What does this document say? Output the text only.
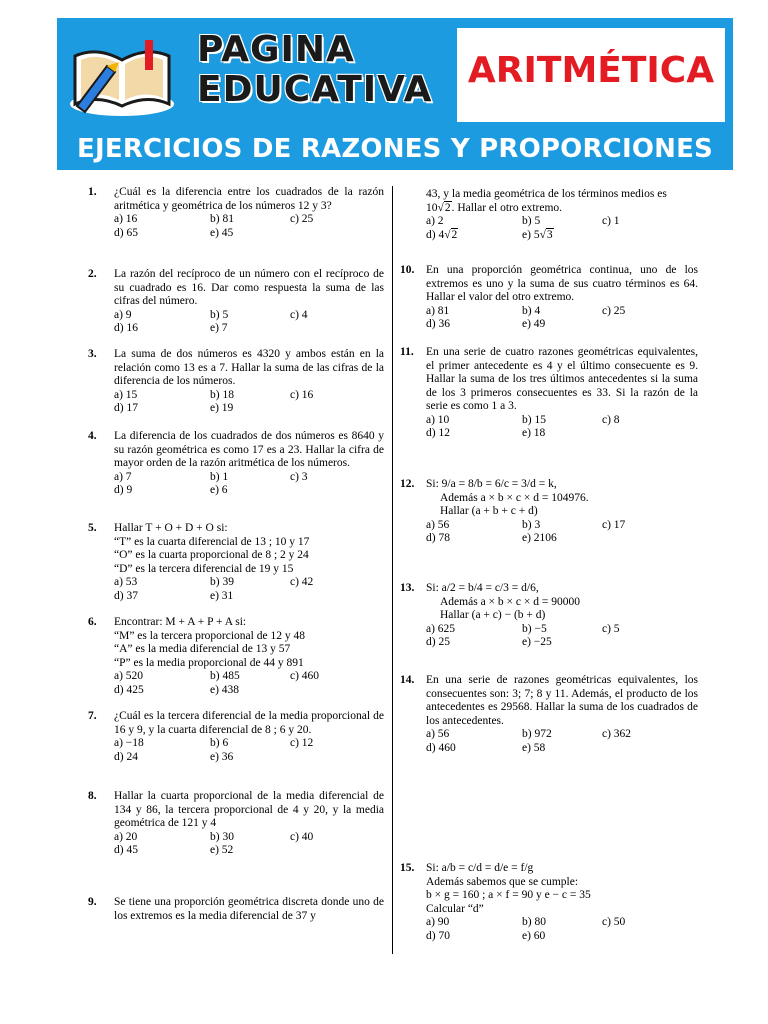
PAGINA
EDUCATIVA ARITMÉTICA
EJERCICIOS DE RAZONES Y PROPORCIONES
1. ¿Cuál es la diferencia entre los cuadrados de la razón aritmética y geométrica de los números 12 y 3?
a) 16	b) 81	c) 25
d) 65	e) 45
2. La razón del recíproco de un número con el recíproco de su cuadrado es 16. Dar como respuesta la suma de las cifras del número.
a) 9	b) 5	c) 4
d) 16	e) 7
3. La suma de dos números es 4320 y ambos están en la relación como 13 es a 7. Hallar la suma de las cifras de la diferencia de los números.
a) 15	b) 18	c) 16
d) 17	e) 19
4. La diferencia de los cuadrados de dos números es 8640 y su razón geométrica es como 17 es a 23. Hallar la cifra de mayor orden de la razón aritmética de los números.
a) 7	b) 1	c) 3
d) 9	e) 6
5. Hallar T + O + D + O si:
“T” es la cuarta diferencial de 13 ; 10 y 17
“O” es la cuarta proporcional de 8 ; 2 y 24
“D” es la tercera diferencial de 19 y 15
a) 53	b) 39	c) 42
d) 37	e) 31
6. Encontrar: M + A + P + A si:
“M” es la tercera proporcional de 12 y 48
“A” es la media diferencial de 13 y 57
“P” es la media proporcional de 44 y 891
a) 520	b) 485	c) 460
d) 425	e) 438
7. ¿Cuál es la tercera diferencial de la media proporcional de 16 y 9, y la cuarta diferencial de 8 ; 6 y 20.
a) −18	b) 6	c) 12
d) 24	e) 36
8. Hallar la cuarta proporcional de la media diferencial de 134 y 86, la tercera proporcional de 4 y 20, y la media geométrica de 121 y 4
a) 20	b) 30	c) 40
d) 45	e) 52
9. Se tiene una proporción geométrica discreta donde uno de los extremos es la media diferencial de 37 y
43, y la media geométrica de los términos medios es
10√2. Hallar el otro extremo.
a) 2	b) 5	c) 1
d) 4√2	e) 5√3
10. En una proporción geométrica continua, uno de los extremos es uno y la suma de sus cuatro términos es 64. Hallar el valor del otro extremo.
a) 81	b) 4	c) 25
d) 36	e) 49
11. En una serie de cuatro razones geométricas equivalentes, el primer antecedente es 4 y el último consecuente es 9. Hallar la suma de los tres últimos antecedentes si la suma de los 3 primeros consecuentes es 33. Si la razón de la serie es como 1 a 3.
a) 10	b) 15	c) 8
d) 12	e) 18
12. Si: 9/a = 8/b = 6/c = 3/d = k,
Además a × b × c × d = 104976.
Hallar (a + b + c + d)
a) 56	b) 3	c) 17
d) 78	e) 2106
13. Si: a/2 = b/4 = c/3 = d/6,
Además a × b × c × d = 90000
Hallar (a + c) − (b + d)
a) 625	b) −5	c) 5
d) 25	e) −25
14. En una serie de razones geométricas equivalentes, los consecuentes son: 3; 7; 8 y 11. Además, el producto de los antecedentes es 29568. Hallar la suma de los cuadrados de los antecedentes.
a) 56	b) 972	c) 362
d) 460	e) 58
15. Si: a/b = c/d = d/e = f/g
Además sabemos que se cumple:
b × g = 160 ; a × f = 90 y e − c = 35
Calcular “d”
a) 90	b) 80	c) 50
d) 70	e) 60
